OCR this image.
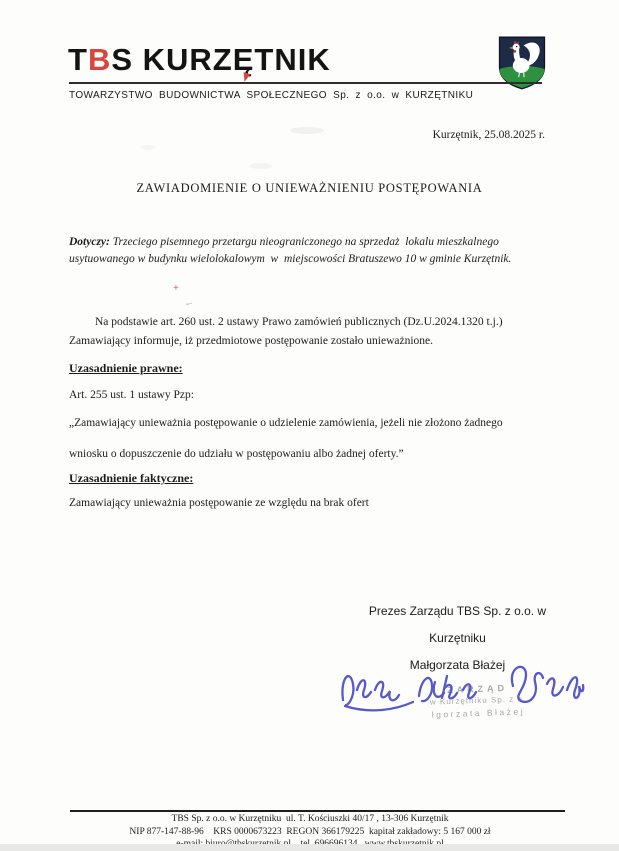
TBS KURZĘTNIK
TOWARZYSTWO BUDOWNICTWA SPOŁECZNEGO Sp. z o.o. w KURZĘTNIKU
Kurzętnik, 25.08.2025 r.
ZAWIADOMIENIE O UNIEWAŻNIENIU POSTĘPOWANIA
Dotyczy: Trzeciego pisemnego przetargu nieograniczonego na sprzedaż  lokalu mieszkalnego
usytuowanego w budynku wielolokalowym  w  miejscowości Bratuszewo 10 w gminie Kurzętnik.
Na podstawie art. 260 ust. 2 ustawy Prawo zamówień publicznych (Dz.U.2024.1320 t.j.)
Zamawiający informuje, iż przedmiotowe postępowanie zostało unieważnione.
Uzasadnienie prawne:
Art. 255 ust. 1 ustawy Pzp:
„Zamawiający unieważnia postępowanie o udzielenie zamówienia, jeżeli nie złożono żadnego
wniosku o dopuszczenie do udziału w postępowaniu albo żadnej oferty.”
Uzasadnienie faktyczne:
Zamawiający unieważnia postępowanie ze względu na brak ofert

Prezes Zarządu TBS Sp. z o.o. w

Kurzętniku

Małgorzata Błażej

ZARZĄD
w Kurzętniku Sp. z o.
łgorzata Błażej

TBS Sp. z o.o. w Kurzętniku  ul. T. Kościuszki 40/17 , 13-306 Kurzętnik

NIP 877-147-88-96    KRS 0000673223  REGON 366179225  kapitał zakładowy: 5 167 000 zł

+
✓
